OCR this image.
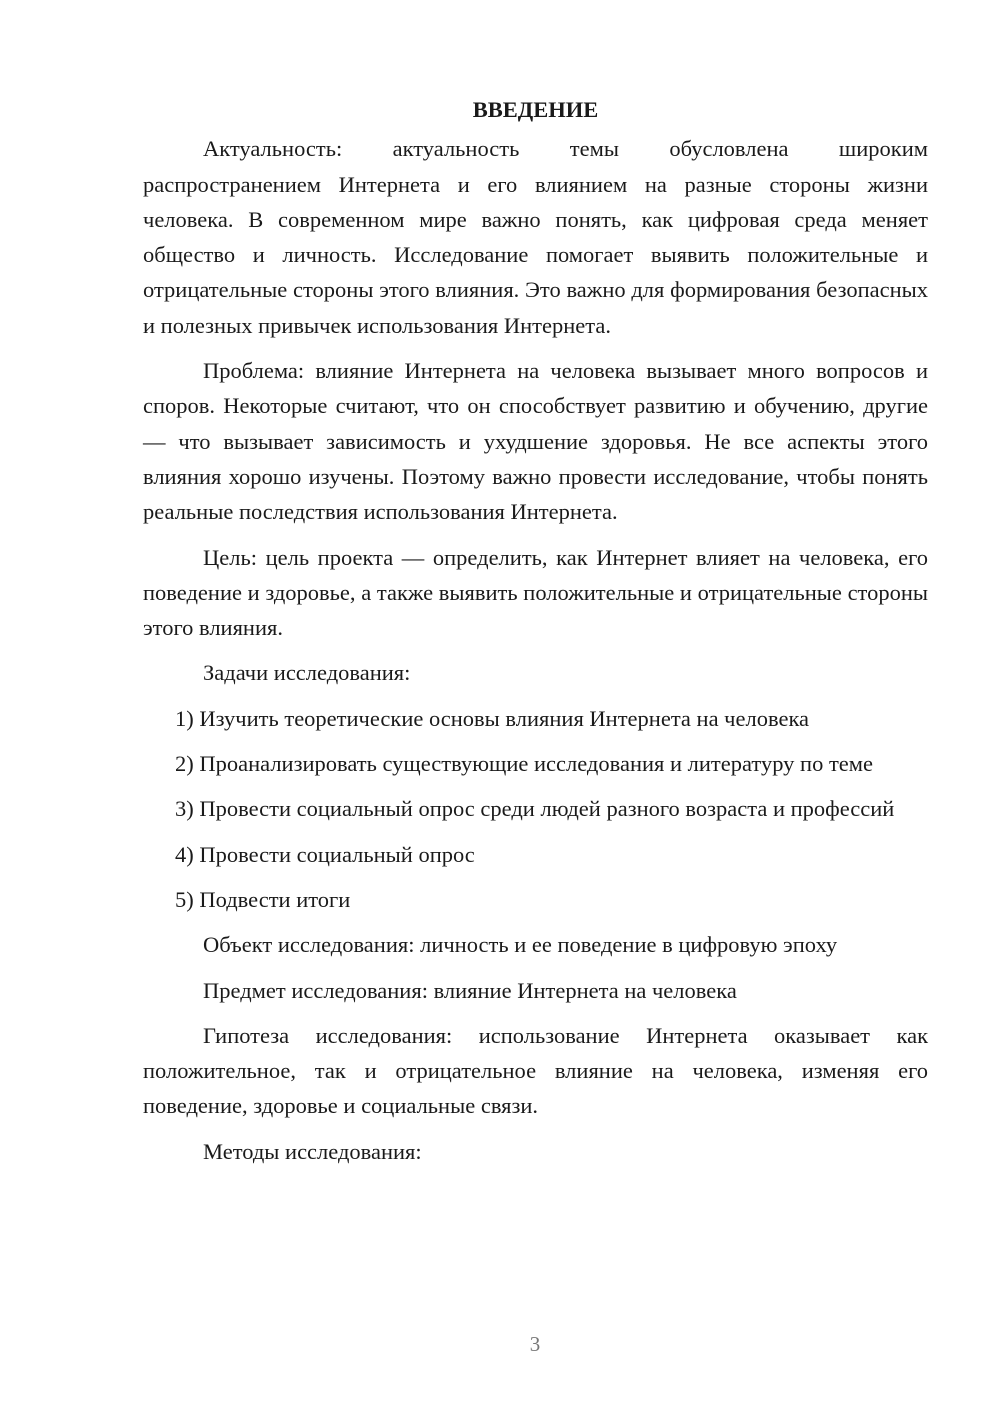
ВВЕДЕНИЕ

Актуальность: актуальность темы обусловлена широким распространением Интернета и его влиянием на разные стороны жизни человека. В современном мире важно понять, как цифровая среда меняет общество и личность. Исследование помогает выявить положительные и отрицательные стороны этого влияния. Это важно для формирования безопасных и полезных привычек использования Интернета.

Проблема: влияние Интернета на человека вызывает много вопросов и споров. Некоторые считают, что он способствует развитию и обучению, другие — что вызывает зависимость и ухудшение здоровья. Не все аспекты этого влияния хорошо изучены. Поэтому важно провести исследование, чтобы понять реальные последствия использования Интернета.

Цель: цель проекта — определить, как Интернет влияет на человека, его поведение и здоровье, а также выявить положительные и отрицательные стороны этого влияния.

Задачи исследования:

1) Изучить теоретические основы влияния Интернета на человека

2) Проанализировать существующие исследования и литературу по теме

3) Провести социальный опрос среди людей разного возраста и профессий

4) Провести социальный опрос

5) Подвести итоги

Объект исследования: личность и ее поведение в цифровую эпоху

Предмет исследования: влияние Интернета на человека

Гипотеза исследования: использование Интернета оказывает как положительное, так и отрицательное влияние на человека, изменяя его поведение, здоровье и социальные связи.

Методы исследования:

3
